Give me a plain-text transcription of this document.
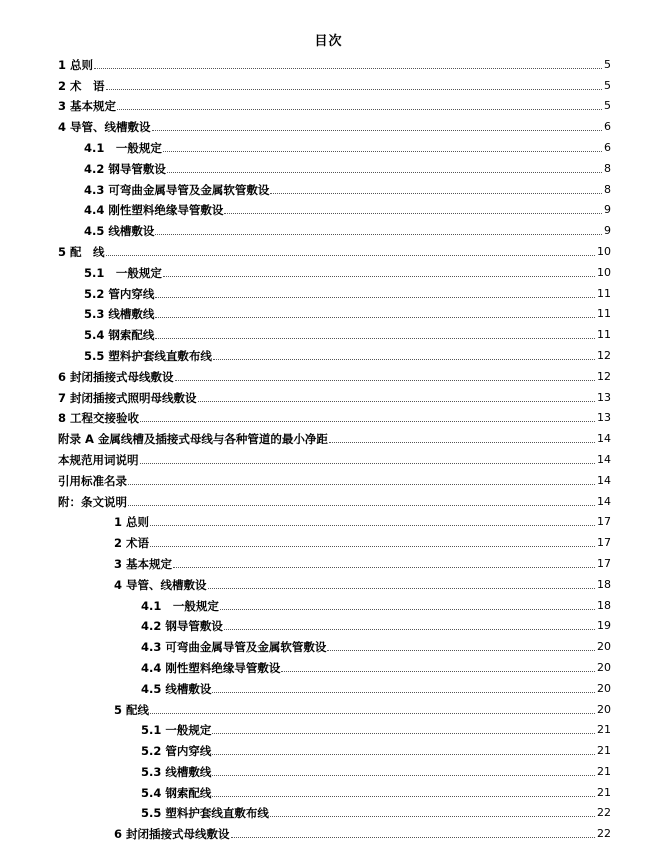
目次
1 总则	5
2 术　语	5
3 基本规定	5
4 导管、线槽敷设	6
4.1　一般规定	6
4.2 钢导管敷设	8
4.3 可弯曲金属导管及金属软管敷设	8
4.4 刚性塑料绝缘导管敷设	9
4.5 线槽敷设	9
5 配　线	10
5.1　一般规定	10
5.2 管内穿线	11
5.3 线槽敷线	11
5.4 钢索配线	11
5.5 塑料护套线直敷布线	12
6 封闭插接式母线敷设	12
7 封闭插接式照明母线敷设	13
8 工程交接验收	13
附录 A 金属线槽及插接式母线与各种管道的最小净距	14
本规范用词说明	14
引用标准名录	14
附：条文说明	14
1 总则	17
2 术语	17
3 基本规定	17
4 导管、线槽敷设	18
4.1　一般规定	18
4.2 钢导管敷设	19
4.3 可弯曲金属导管及金属软管敷设	20
4.4 刚性塑料绝缘导管敷设	20
4.5 线槽敷设	20
5 配线	20
5.1 一般规定	21
5.2 管内穿线	21
5.3 线槽敷线	21
5.4 钢索配线	21
5.5 塑料护套线直敷布线	22
6 封闭插接式母线敷设	22
